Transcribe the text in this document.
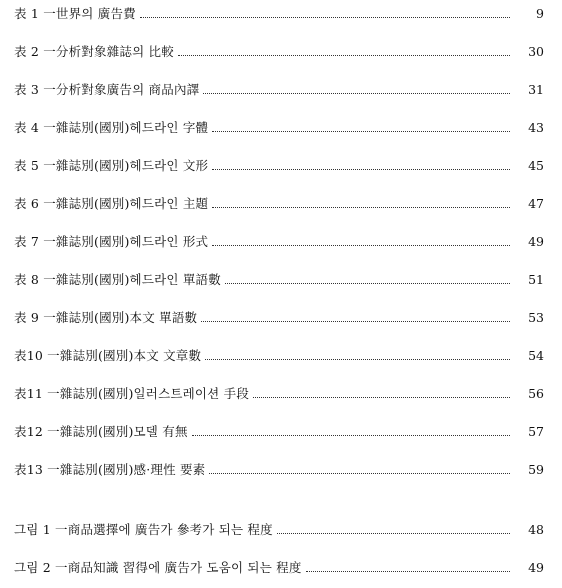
表 1 一世界의 廣告費	9
表 2 一分析對象雜誌의 比較	30
表 3 一分析對象廣告의 商品內譯	31
表 4 一雜誌別(國別)헤드라인 字體	43
表 5 一雜誌別(國別)헤드라인 文形	45
表 6 一雜誌別(國別)헤드라인 主題	47
表 7 一雜誌別(國別)헤드라인 形式	49
表 8 一雜誌別(國別)헤드라인 單語數	51
表 9 一雜誌別(國別)本文 單語數	53
表10 一雜誌別(國別)本文 文章數	54
表11 一雜誌別(國別)일러스트레이션 手段	56
表12 一雜誌別(國別)모델 有無	57
表13 一雜誌別(國別)感·理性 要素	59
그림 1 一商品選擇에 廣告가 參考가 되는 程度	48
그림 2 一商品知識 習得에 廣告가 도움이 되는 程度	49
